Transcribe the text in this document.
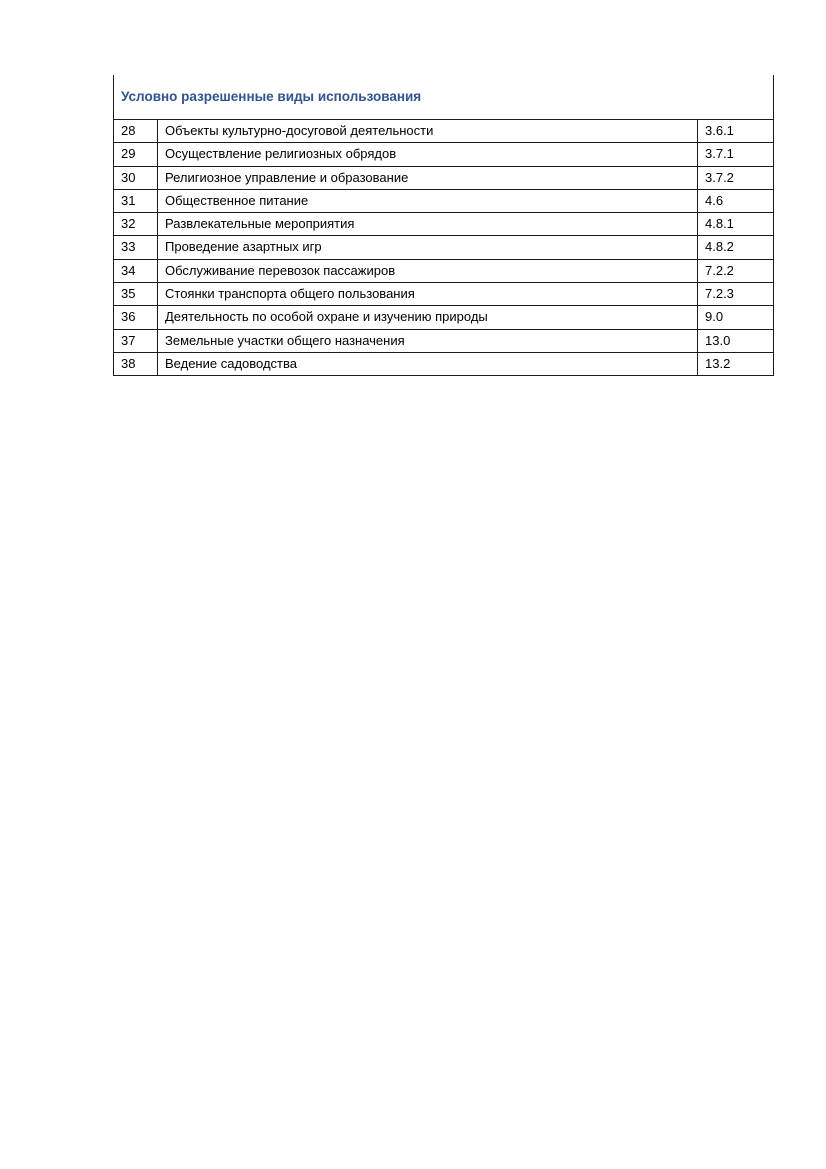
Условно разрешенные виды использования		
28	Объекты культурно-досуговой деятельности	3.6.1
29	Осуществление религиозных обрядов	3.7.1
30	Религиозное управление и образование	3.7.2
31	Общественное питание	4.6
32	Развлекательные мероприятия	4.8.1
33	Проведение азартных игр	4.8.2
34	Обслуживание перевозок пассажиров	7.2.2
35	Стоянки транспорта общего пользования	7.2.3
36	Деятельность по особой охране и изучению природы	9.0
37	Земельные участки общего назначения	13.0
38	Ведение садоводства	13.2
